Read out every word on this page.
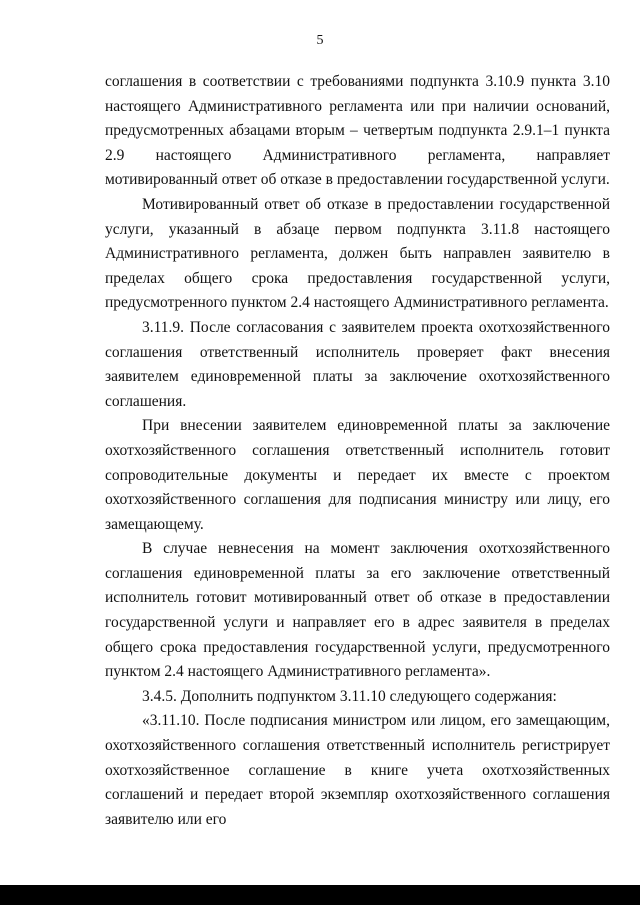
5

соглашения в соответствии с требованиями подпункта 3.10.9 пункта 3.10 настоящего Административного регламента или при наличии оснований, предусмотренных абзацами вторым – четвертым подпункта 2.9.1–1 пункта 2.9 настоящего Административного регламента, направляет мотивированный ответ об отказе в предоставлении государственной услуги.

Мотивированный ответ об отказе в предоставлении государственной услуги, указанный в абзаце первом подпункта 3.11.8 настоящего Административного регламента, должен быть направлен заявителю в пределах общего срока предоставления государственной услуги, предусмотренного пунктом 2.4 настоящего Административного регламента.

3.11.9. После согласования с заявителем проекта охотхозяйственного соглашения ответственный исполнитель проверяет факт внесения заявителем единовременной платы за заключение охотхозяйственного соглашения.

При внесении заявителем единовременной платы за заключение охотхозяйственного соглашения ответственный исполнитель готовит сопроводительные документы и передает их вместе с проектом охотхозяйственного соглашения для подписания министру или лицу, его замещающему.

В случае невнесения на момент заключения охотхозяйственного соглашения единовременной платы за его заключение ответственный исполнитель готовит мотивированный ответ об отказе в предоставлении государственной услуги и направляет его в адрес заявителя в пределах общего срока предоставления государственной услуги, предусмотренного пунктом 2.4 настоящего Административного регламента».

3.4.5. Дополнить подпунктом 3.11.10 следующего содержания:

«3.11.10. После подписания министром или лицом, его замещающим, охотхозяйственного соглашения ответственный исполнитель регистрирует охотхозяйственное соглашение в книге учета охотхозяйственных соглашений и передает второй экземпляр охотхозяйственного соглашения заявителю или его
